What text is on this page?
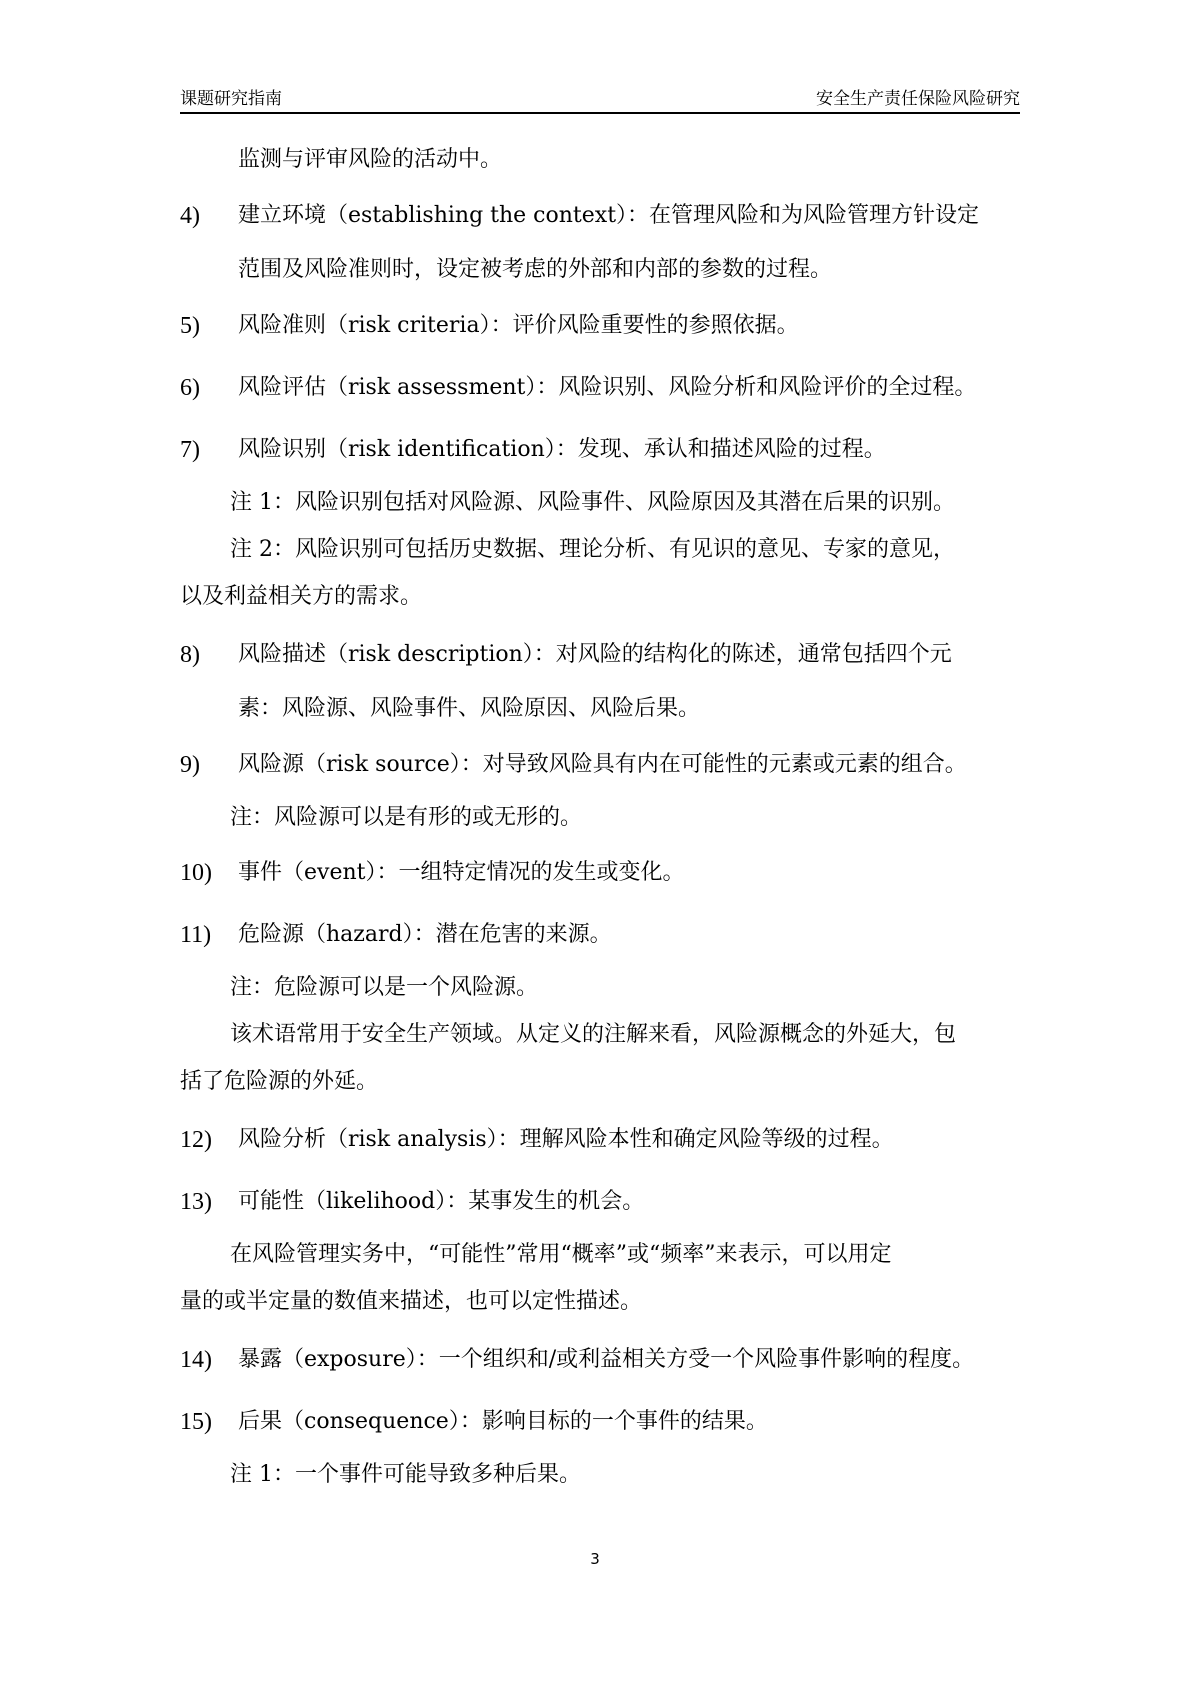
课题研究指南	安全生产责任保险风险研究
监测与评审风险的活动中。
4) 建立环境（establishing the context）：在管理风险和为风险管理方针设定
范围及风险准则时，设定被考虑的外部和内部的参数的过程。
5) 风险准则（risk criteria）：评价风险重要性的参照依据。
6) 风险评估（risk assessment）：风险识别、风险分析和风险评价的全过程。
7) 风险识别（risk identification）：发现、承认和描述风险的过程。
注 1：风险识别包括对风险源、风险事件、风险原因及其潜在后果的识别。
注 2：风险识别可包括历史数据、理论分析、有见识的意见、专家的意见，
以及利益相关方的需求。
8) 风险描述（risk description）：对风险的结构化的陈述，通常包括四个元
素：风险源、风险事件、风险原因、风险后果。
9) 风险源（risk source）：对导致风险具有内在可能性的元素或元素的组合。
注：风险源可以是有形的或无形的。
10) 事件（event）：一组特定情况的发生或变化。
11) 危险源（hazard）：潜在危害的来源。
注：危险源可以是一个风险源。
该术语常用于安全生产领域。从定义的注解来看，风险源概念的外延大，包
括了危险源的外延。
12) 风险分析（risk analysis）：理解风险本性和确定风险等级的过程。
13) 可能性（likelihood）：某事发生的机会。
在风险管理实务中，“可能性”常用“概率”或“频率”来表示，可以用定
量的或半定量的数值来描述，也可以定性描述。
14) 暴露（exposure）：一个组织和/或利益相关方受一个风险事件影响的程度。
15) 后果（consequence）：影响目标的一个事件的结果。
注 1：一个事件可能导致多种后果。
3
